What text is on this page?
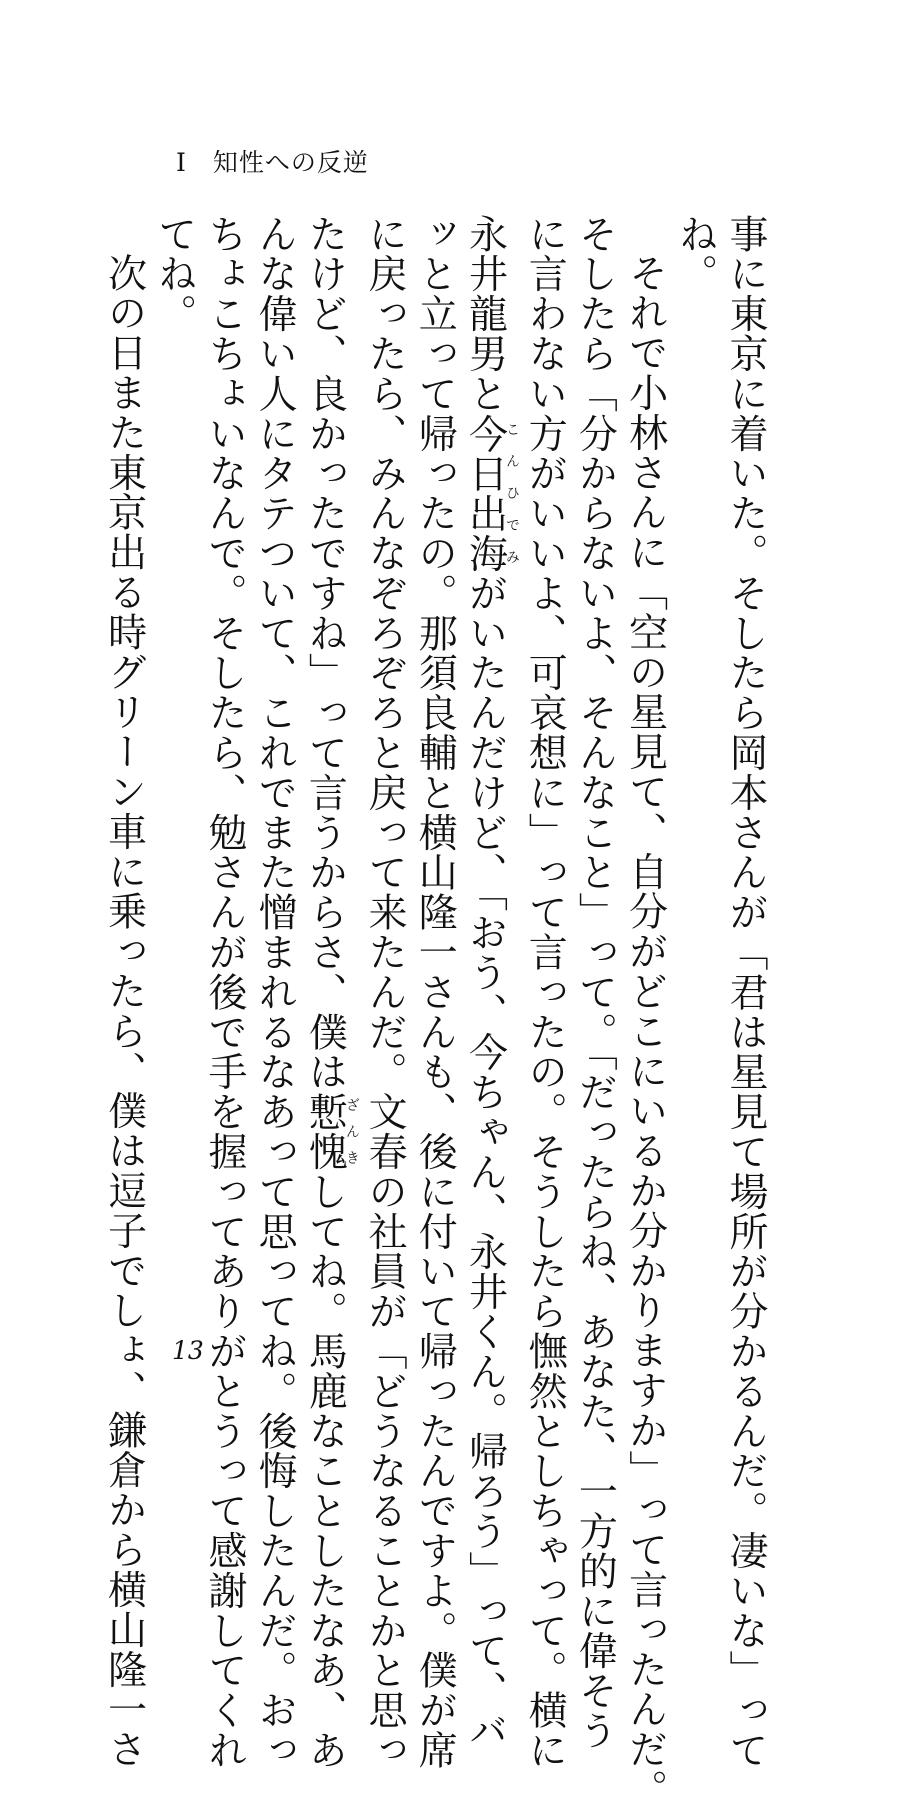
I 知性への反逆
事に東京に着いた。そしたら岡本さんが「君は星見て場所が分かるんだ。凄いな」って
ね。
それで小林さんに「空の星見て、自分がどこにいるか分かりますか」って言ったんだ。
そしたら「分からないよ、そんなこと」って。「だったらね、あなた、一方的に偉そう
に言わない方がいいよ、可哀想に」って言ったの。そうしたら憮然としちゃって。横に
永井龍男と今日出海こんひでみがいたんだけど、「おう、今ちゃん、永井くん。帰ろう」って、バ
ッと立って帰ったの。那須良輔と横山隆一さんも、後に付いて帰ったんですよ。僕が席
に戻ったら、みんなぞろぞろと戻って来たんだ。文春の社員が「どうなることかと思っ
たけど、良かったですね」って言うからさ、僕は慙愧ざんきしてね。馬鹿なことしたなあ、あ
んな偉い人にタテついて、これでまた憎まれるなあって思ってね。後悔したんだ。おっ
ちょこちょいなんで。そしたら、勉さんが後で手を握ってありがとうって感謝してくれ
てね。
次の日また東京出る時グリーン車に乗ったら、僕は逗子でしょ、鎌倉から横山隆一さ 13
